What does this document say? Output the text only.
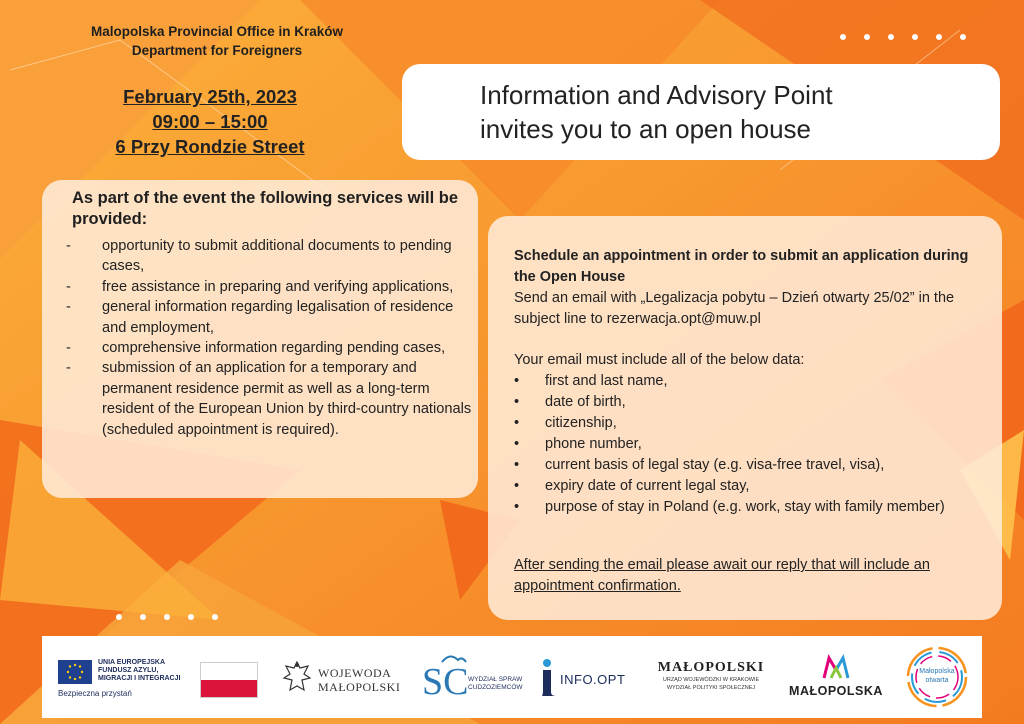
Malopolska Provincial Office in Kraków
Department for Foreigners
February 25th, 2023
09:00 – 15:00
6 Przy Rondzie Street
Information and Advisory Point
invites you to an open house
As part of the event the following services will be provided:
- opportunity to submit additional documents to pending cases,
- free assistance in preparing and verifying applications,
- general information regarding legalisation of residence and employment,
- comprehensive information regarding pending cases,
- submission of an application for a temporary and permanent residence permit as well as a long-term resident of the European Union by third-country nationals (scheduled appointment is required).
Schedule an appointment in order to submit an application during the Open House
Send an email with „Legalizacja pobytu – Dzień otwarty 25/02” in the subject line to rezerwacja.opt@muw.pl
Your email must include all of the below data:
• first and last name,
• date of birth,
• citizenship,
• phone number,
• current basis of legal stay (e.g. visa-free travel, visa),
• expiry date of current legal stay,
• purpose of stay in Poland (e.g. work, stay with family member)
After sending the email please await our reply that will include an appointment confirmation.
UNIA EUROPEJSKA
FUNDUSZ AZYLU,
MIGRACJI I INTEGRACJI
Bezpieczna przystań
WOJEWODA
MAŁOPOLSKI SC WYDZIAŁ SPRAW
CUDZOZIEMCÓW
INFO.OPT
MAŁOPOLSKI
URZĄD WOJEWÓDZKI W KRAKOWIE
WYDZIAŁ POLITYKI SPOŁECZNEJ	MAŁOPOLSKA
Małopolska
otwarta
